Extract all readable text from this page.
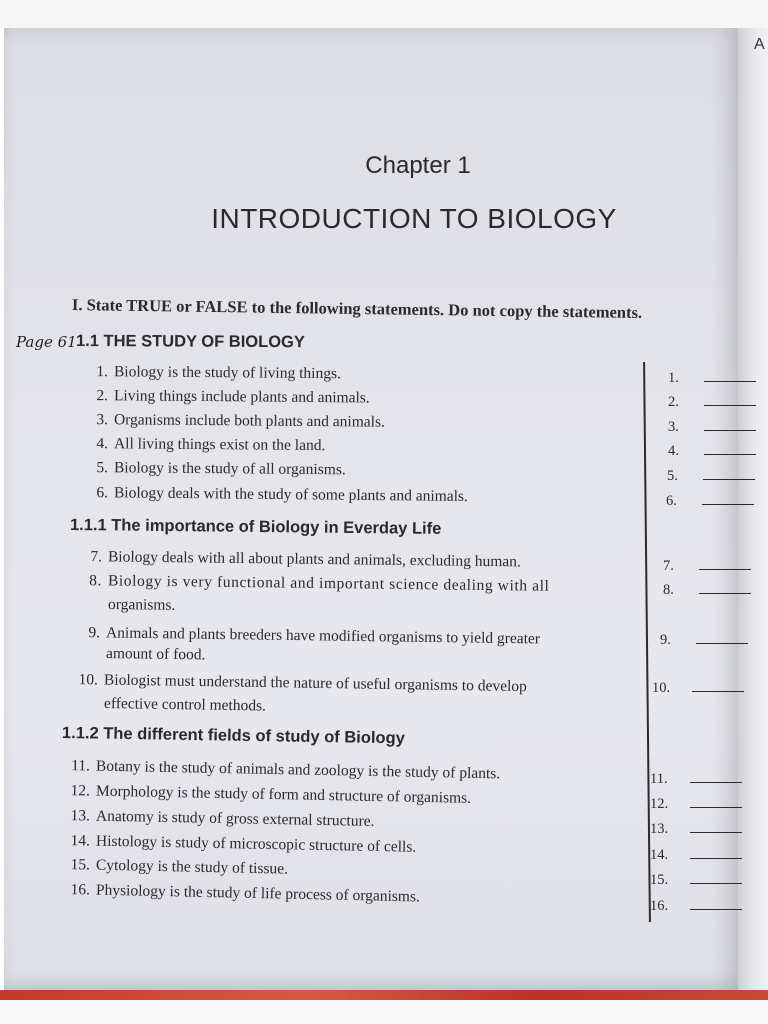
A
Chapter 1
INTRODUCTION TO BIOLOGY
I. State TRUE or FALSE to the following statements. Do not copy the statements.
Page 61 1.1 THE STUDY OF BIOLOGY
1.1.1 The importance of Biology in Everday Life
1.1.2 The different fields of study of Biology
1. Biology is the study of living things.
2. Living things include plants and animals.
3. Organisms include both plants and animals.
4. All living things exist on the land.
5. Biology is the study of all organisms.
6. Biology deals with the study of some plants and animals.
7. Biology deals with all about plants and animals, excluding human.
8. Biology is very functional and important science dealing with all
organisms.
9. Animals and plants breeders have modified organisms to yield greater
amount of food.
10. Biologist must understand the nature of useful organisms to develop
effective control methods.
11. Botany is the study of animals and zoology is the study of plants.
12. Morphology is the study of form and structure of organisms.
13. Anatomy is study of gross external structure.
14. Histology is study of microscopic structure of cells.
15. Cytology is the study of tissue.
16. Physiology is the study of life process of organisms.
1.
2.
3.
4.
5.
6.
7.
8.
9.
10.
11.
12.
13.
14.
15.
16.
